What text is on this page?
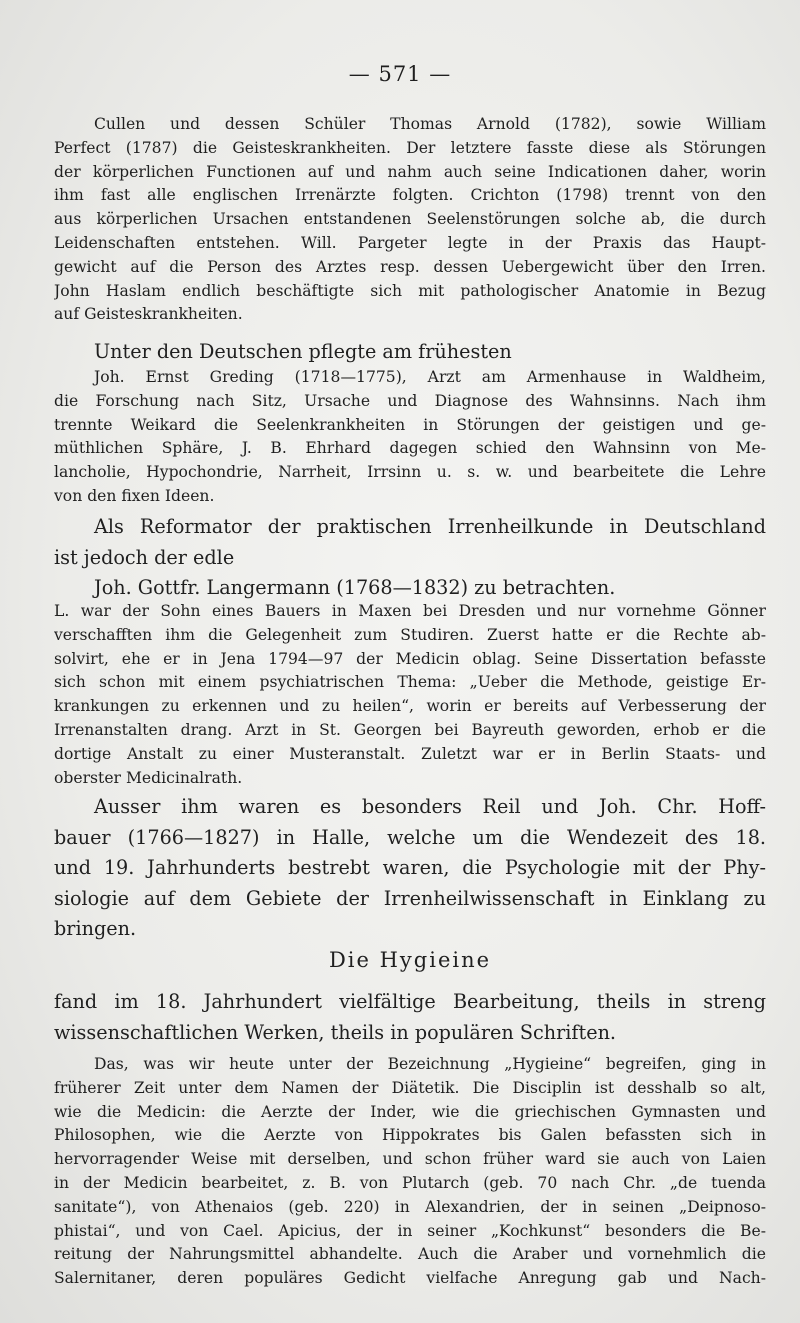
— 571 —
Cullen und dessen Schüler Thomas Arnold (1782), sowie William
Perfect (1787) die Geisteskrankheiten. Der letztere fasste diese als Störungen
der körperlichen Functionen auf und nahm auch seine Indicationen daher, worin
ihm fast alle englischen Irrenärzte folgten. Crichton (1798) trennt von den
aus körperlichen Ursachen entstandenen Seelenstörungen solche ab, die durch
Leidenschaften entstehen. Will. Pargeter legte in der Praxis das Haupt-
gewicht auf die Person des Arztes resp. dessen Uebergewicht über den Irren.
John Haslam endlich beschäftigte sich mit pathologischer Anatomie in Bezug
auf Geisteskrankheiten.
Unter den Deutschen pflegte am frühesten
Joh. Ernst Greding (1718—1775), Arzt am Armenhause in Waldheim,
die Forschung nach Sitz, Ursache und Diagnose des Wahnsinns. Nach ihm
trennte Weikard die Seelenkrankheiten in Störungen der geistigen und ge-
müthlichen Sphäre, J. B. Ehrhard dagegen schied den Wahnsinn von Me-
lancholie, Hypochondrie, Narrheit, Irrsinn u. s. w. und bearbeitete die Lehre
von den fixen Ideen.
Als Reformator der praktischen Irrenheilkunde in Deutschland
ist jedoch der edle
Joh. Gottfr. Langermann (1768—1832) zu betrachten.
L. war der Sohn eines Bauers in Maxen bei Dresden und nur vornehme Gönner
verschafften ihm die Gelegenheit zum Studiren. Zuerst hatte er die Rechte ab-
solvirt, ehe er in Jena 1794—97 der Medicin oblag. Seine Dissertation befasste
sich schon mit einem psychiatrischen Thema: „Ueber die Methode, geistige Er-
krankungen zu erkennen und zu heilen“, worin er bereits auf Verbesserung der
Irrenanstalten drang. Arzt in St. Georgen bei Bayreuth geworden, erhob er die
dortige Anstalt zu einer Musteranstalt. Zuletzt war er in Berlin Staats- und
oberster Medicinalrath.
Ausser ihm waren es besonders Reil und Joh. Chr. Hoff-
bauer (1766—1827) in Halle, welche um die Wendezeit des 18.
und 19. Jahrhunderts bestrebt waren, die Psychologie mit der Phy-
siologie auf dem Gebiete der Irrenheilwissenschaft in Einklang zu
bringen.
Die Hygieine
fand im 18. Jahrhundert vielfältige Bearbeitung, theils in streng
wissenschaftlichen Werken, theils in populären Schriften.
Das, was wir heute unter der Bezeichnung „Hygieine“ begreifen, ging in
früherer Zeit unter dem Namen der Diätetik. Die Disciplin ist desshalb so alt,
wie die Medicin: die Aerzte der Inder, wie die griechischen Gymnasten und
Philosophen, wie die Aerzte von Hippokrates bis Galen befassten sich in
hervorragender Weise mit derselben, und schon früher ward sie auch von Laien
in der Medicin bearbeitet, z. B. von Plutarch (geb. 70 nach Chr. „de tuenda
sanitate“), von Athenaios (geb. 220) in Alexandrien, der in seinen „Deipnoso-
phistai“, und von Cael. Apicius, der in seiner „Kochkunst“ besonders die Be-
reitung der Nahrungsmittel abhandelte. Auch die Araber und vornehmlich die
Salernitaner, deren populäres Gedicht vielfache Anregung gab und Nach-
